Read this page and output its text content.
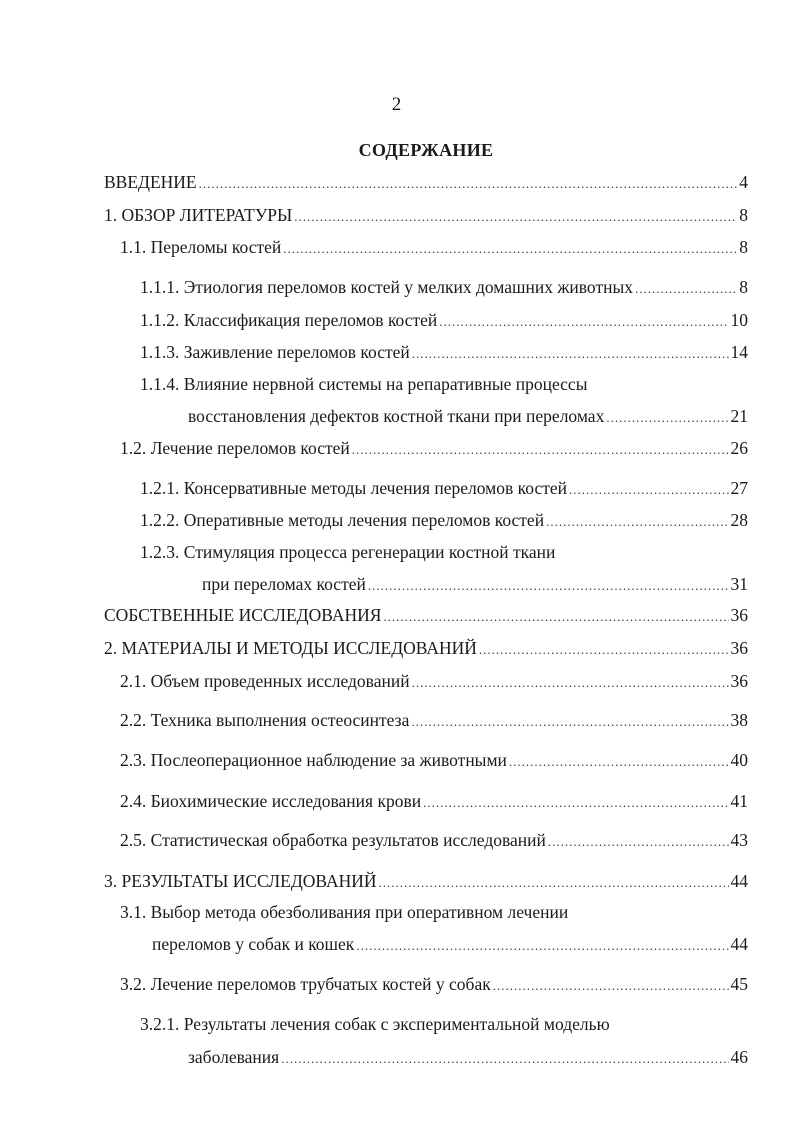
2
СОДЕРЖАНИЕ
ВВЕДЕНИЕ .....	4
1. ОБЗОР ЛИТЕРАТУРЫ .....	8
1.1. Переломы костей .....	8
1.1.1. Этиология переломов костей у мелких домашних животных .....	8
1.1.2. Классификация переломов костей .....	10
1.1.3. Заживление переломов костей .....	14
1.1.4. Влияние нервной системы на репаративные процессы
восстановления дефектов костной ткани при переломах .....	21
1.2. Лечение переломов костей .....	26
1.2.1. Консервативные методы лечения переломов костей .....	27
1.2.2. Оперативные методы лечения переломов костей .....	28
1.2.3. Стимуляция процесса регенерации костной ткани
при переломах костей .....	31
СОБСТВЕННЫЕ ИССЛЕДОВАНИЯ .....	36
2. МАТЕРИАЛЫ И МЕТОДЫ ИССЛЕДОВАНИЙ .....	36
2.1. Объем проведенных исследований .....	36
2.2. Техника выполнения остеосинтеза .....	38
2.3. Послеоперационное наблюдение за животными .....	40
2.4. Биохимические исследования крови .....	41
2.5. Статистическая обработка результатов исследований .....	43
3. РЕЗУЛЬТАТЫ ИССЛЕДОВАНИЙ .....	44
3.1. Выбор метода обезболивания при оперативном лечении
переломов у собак и кошек .....	44
3.2. Лечение переломов трубчатых костей у собак .....	45
3.2.1. Результаты лечения собак с экспериментальной моделью
заболевания .....	46
